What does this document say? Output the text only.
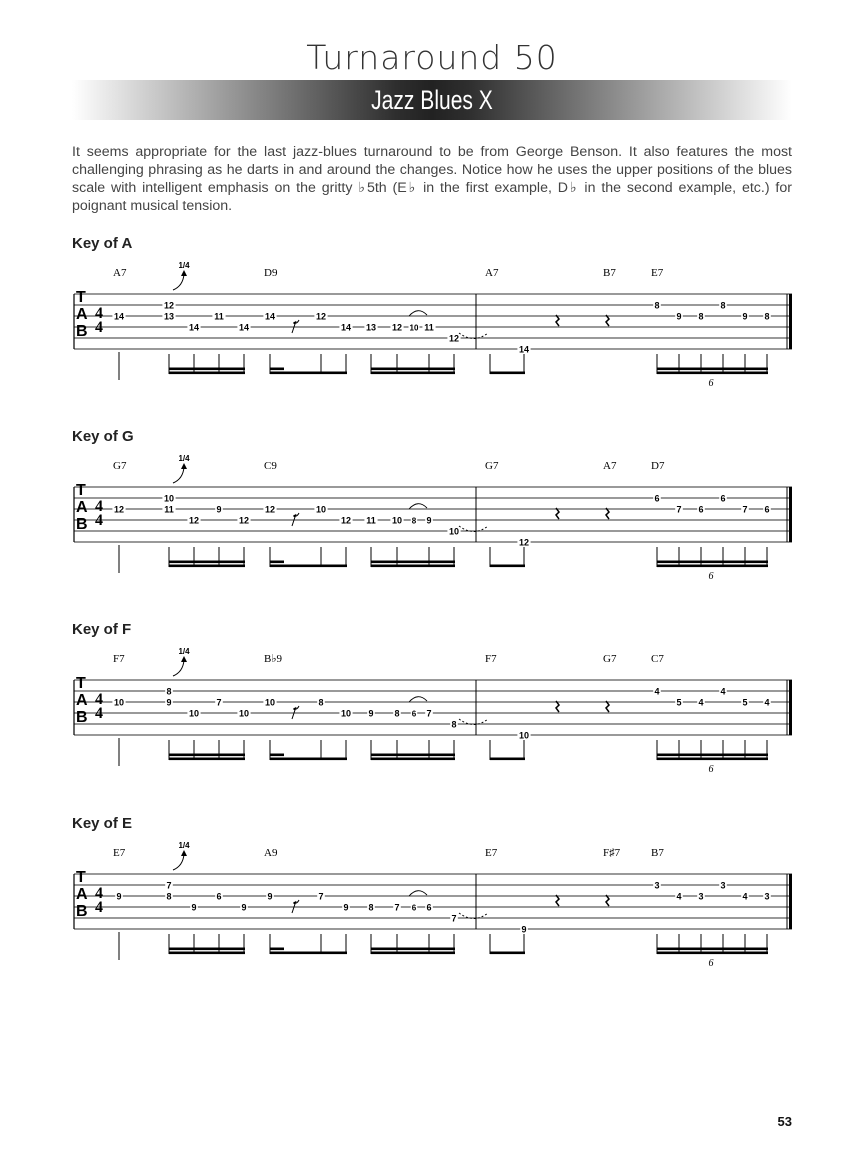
Turnaround 50
Jazz Blues X
It seems appropriate for the last jazz-blues turnaround to be from George Benson. It also features the most challenging phrasing as he darts in and around the changes. Notice how he uses the upper positions of the blues scale with intelligent emphasis on the gritty ♭5th (E♭ in the first example, D♭ in the second example, etc.) for poignant musical tension.
Key of A
A7	D9	A7	B7	E7
T
A
B
4
4
14
12
13
14
11
14
14	12
14 13 12 10 11
12
14
8
9 8
8
9 8
1/4
6
Key of G
G7	C9	G7	A7	D7
T
A
B
4
4
12
10
11
12
9
12
12	10
12 11 10 8 9
10
12
6
7 6
6
7 6
1/4
6
Key of F
F7	B♭9	F7	G7	C7
T
A
B
4
4
10
8
9
10
7
10
10	8
10 9 8 6 7
8
10
4
5 4
4
5 4
1/4
6
Key of E
E7	A9	E7	F♯7	B7
T
A
B
4
4
9
7
8
9
6
9
9	7
9 8 7 6 6
7
9
3
4 3
3
4 3
1/4
6
53
